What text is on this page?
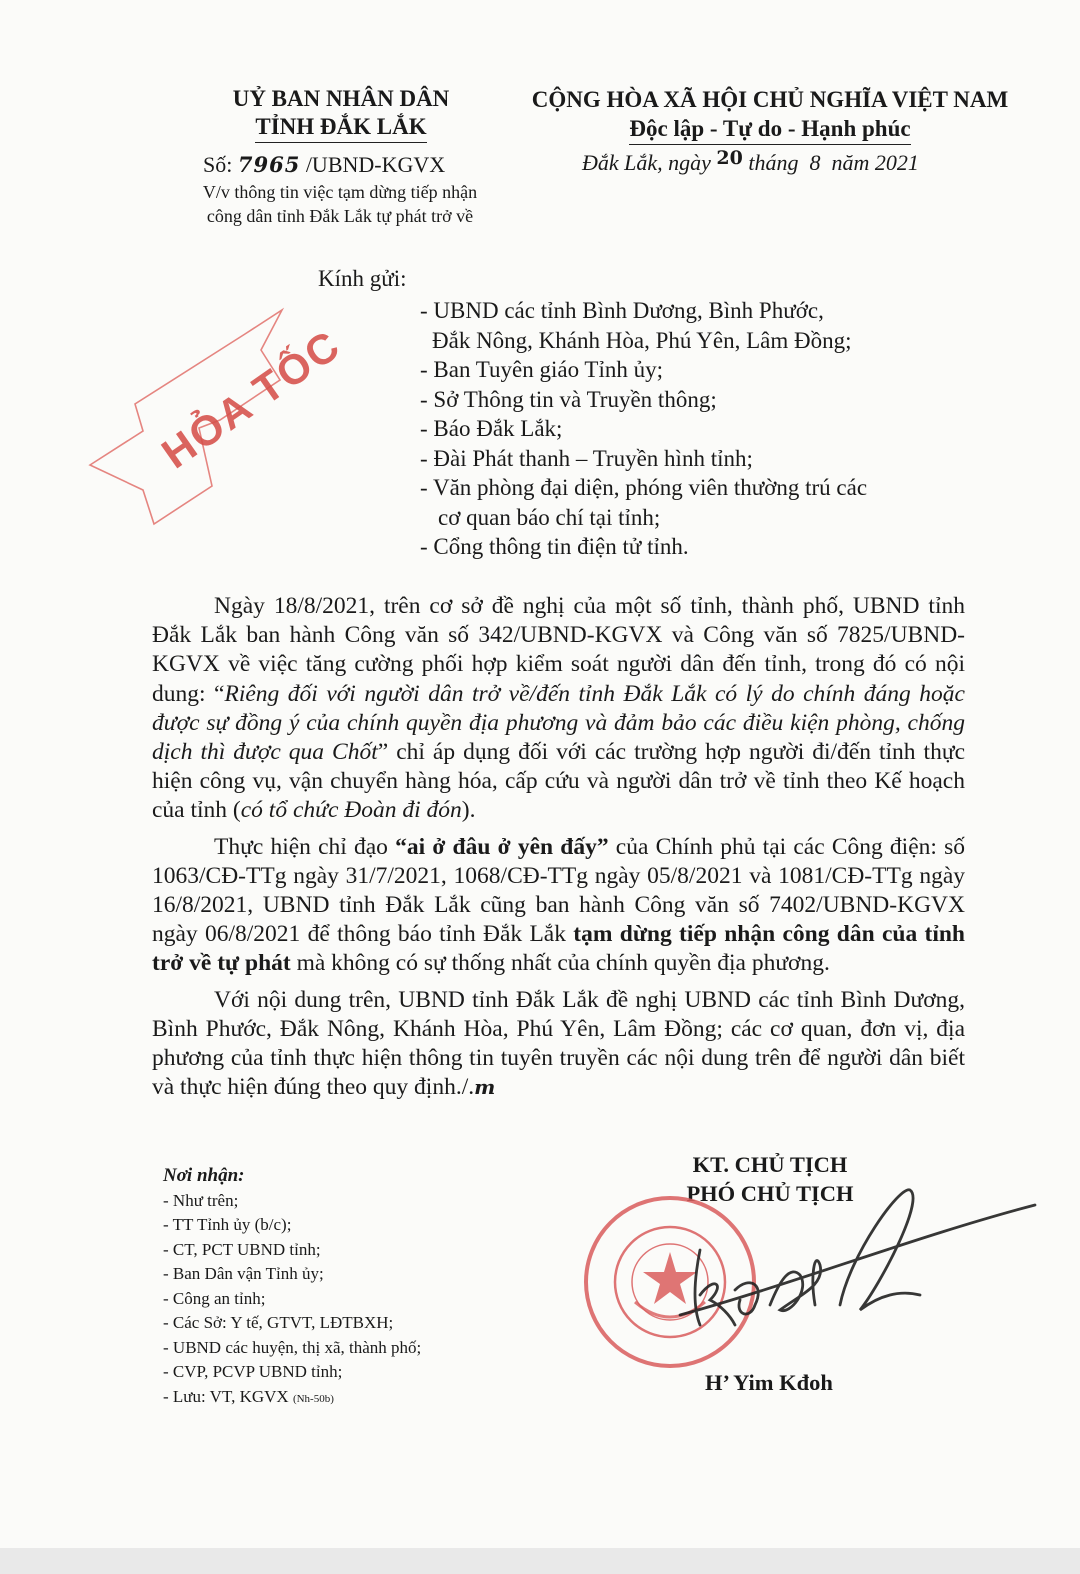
UỶ BAN NHÂN DÂN
TỈNH ĐẮK LẮK
Số: 7965 /UBND-KGVX
V/v thông tin việc tạm dừng tiếp nhận
công dân tỉnh Đắk Lắk tự phát trở về
CỘNG HÒA XÃ HỘI CHỦ NGHĨA VIỆT NAM
Độc lập - Tự do - Hạnh phúc
Đắk Lắk, ngày 20 tháng  8  năm 2021
HỎA TỐC
Kính gửi:
- UBND các tỉnh Bình Dương, Bình Phước,
Đắk Nông, Khánh Hòa, Phú Yên, Lâm Đồng;
- Ban Tuyên giáo Tỉnh ủy;
- Sở Thông tin và Truyền thông;
- Báo Đắk Lắk;
- Đài Phát thanh – Truyền hình tỉnh;
- Văn phòng đại diện, phóng viên thường trú các
cơ quan báo chí tại tỉnh;
- Cổng thông tin điện tử tỉnh.

Ngày 18/8/2021, trên cơ sở đề nghị của một số tỉnh, thành phố, UBND tỉnh Đắk Lắk ban hành Công văn số 342/UBND-KGVX và Công văn số 7825/UBND-KGVX về việc tăng cường phối hợp kiểm soát người dân đến tỉnh, trong đó có nội dung: “Riêng đối với người dân trở về/đến tỉnh Đắk Lắk có lý do chính đáng hoặc được sự đồng ý của chính quyền địa phương và đảm bảo các điều kiện phòng, chống dịch thì được qua Chốt” chỉ áp dụng đối với các trường hợp người đi/đến tỉnh thực hiện công vụ, vận chuyển hàng hóa, cấp cứu và người dân trở về tỉnh theo Kế hoạch của tỉnh (có tổ chức Đoàn đi đón).

Thực hiện chỉ đạo “ai ở đâu ở yên đấy” của Chính phủ tại các Công điện: số 1063/CĐ-TTg ngày 31/7/2021, 1068/CĐ-TTg ngày 05/8/2021 và 1081/CĐ-TTg ngày 16/8/2021, UBND tỉnh Đắk Lắk cũng ban hành Công văn số 7402/UBND-KGVX ngày 06/8/2021 để thông báo tỉnh Đắk Lắk tạm dừng tiếp nhận công dân của tỉnh trở về tự phát mà không có sự thống nhất của chính quyền địa phương.

Với nội dung trên, UBND tỉnh Đắk Lắk đề nghị UBND các tỉnh Bình Dương, Bình Phước, Đắk Nông, Khánh Hòa, Phú Yên, Lâm Đồng; các cơ quan, đơn vị, địa phương của tỉnh thực hiện thông tin tuyên truyền các nội dung trên để người dân biết và thực hiện đúng theo quy định./.m

Nơi nhận:
- Như trên;
- TT Tỉnh ủy (b/c);
- CT, PCT UBND tỉnh;
- Ban Dân vận Tỉnh ủy;
- Công an tỉnh;
- Các Sở: Y tế, GTVT, LĐTBXH;
- UBND các huyện, thị xã, thành phố;
- CVP, PCVP UBND tỉnh;
- Lưu: VT, KGVX (Nh-50b)
KT. CHỦ TỊCH
PHÓ CHỦ TỊCH
H’ Yim Kđoh
